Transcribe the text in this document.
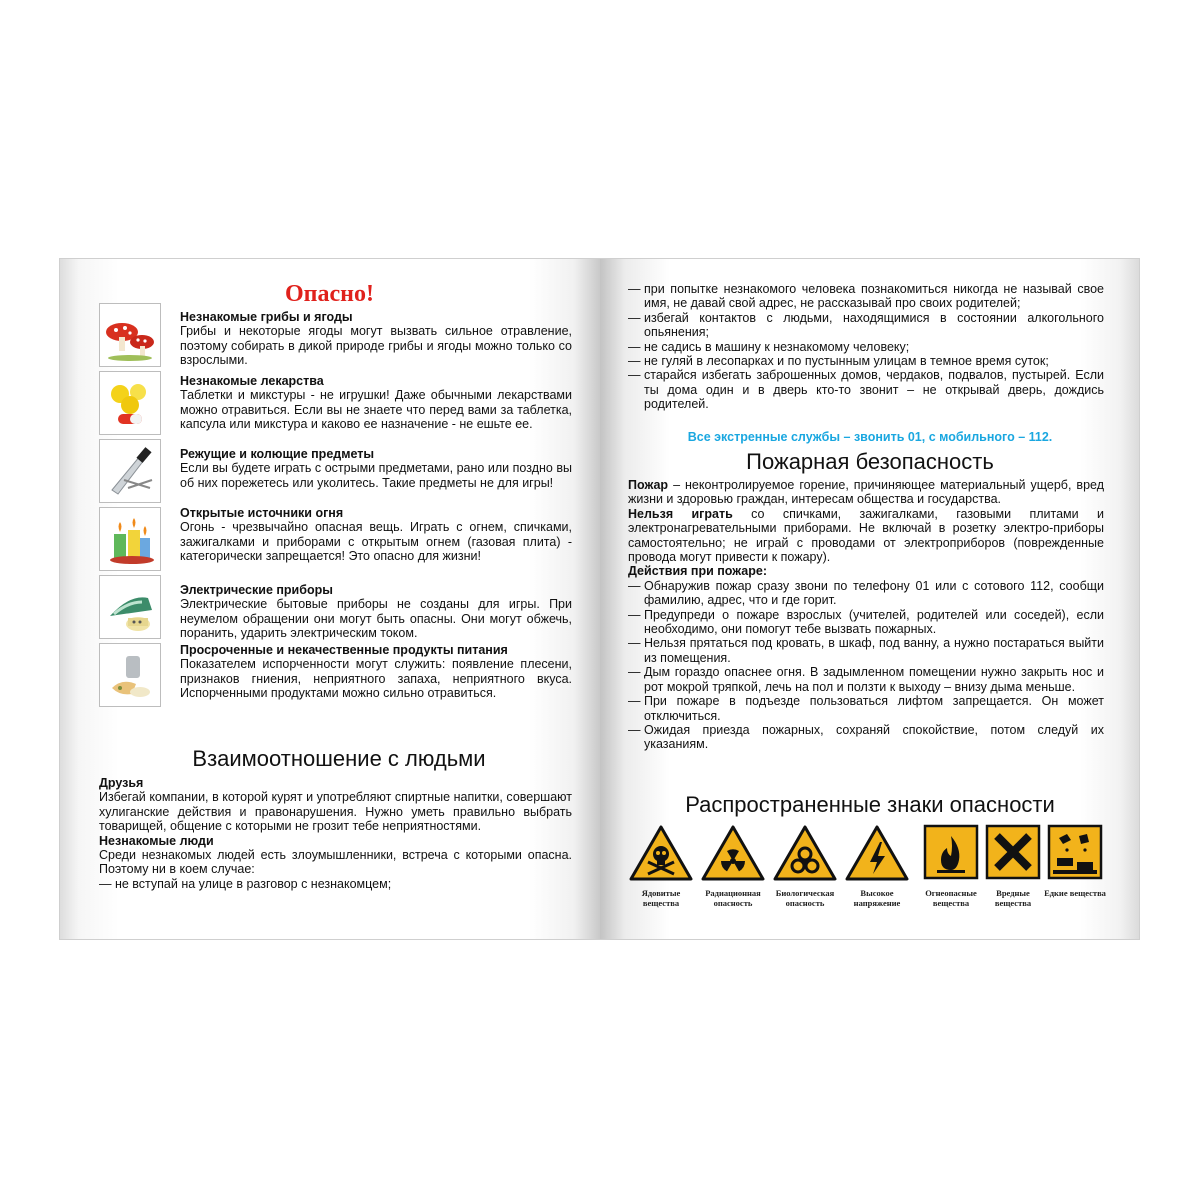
Опасно!
Незнакомые грибы и ягоды
Грибы и некоторые ягоды могут вызвать сильное отравление, поэтому собирать в дикой природе грибы и ягоды можно только со взрослыми.
Незнакомые лекарства
Таблетки и микстуры - не игрушки! Даже обычными лекарствами можно отравиться. Если вы не знаете что перед вами за таблетка, капсула или микстура и каково ее назначение - не ешьте ее.
Режущие и колющие предметы
Если вы будете играть с острыми предметами, рано или поздно вы об них порежетесь или уколитесь. Такие предметы не для игры!
Открытые источники огня
Огонь - чрезвычайно опасная вещь. Играть с огнем, спичками, зажигалками и приборами с открытым огнем (газовая плита) - категорически запрещается! Это опасно для жизни!
Электрические приборы
Электрические бытовые приборы не созданы для игры. При неумелом обращении они могут быть опасны. Они могут обжечь, поранить, ударить электрическим током.
Просроченные и некачественные продукты питания
Показателем испорченности могут служить: появление плесени, признаков гниения, неприятного запаха, неприятного вкуса. Испорченными продуктами можно сильно отравиться.
Взаимоотношение с людьми
Друзья
Избегай компании, в которой курят и употребляют спиртные напитки, совершают хулиганские действия и правонарушения. Нужно уметь правильно выбрать товарищей, общение с которыми не грозит тебе неприятностями.
Незнакомые люди
Среди незнакомых людей есть злоумышленники, встреча с которыми опасна. Поэтому ни в коем случае:
— не вступай на улице в разговор с незнакомцем;
— при попытке незнакомого человека познакомиться никогда не называй своe имя, не давай свой адрес, не рассказывай про своих родителей;
— избегай контактов с людьми, находящимися в состоянии алкогольного опьянения;
— не садись в машину к незнакомому человеку;
— не гуляй в лесопарках и по пустынным улицам в темное время суток;
— старайся избегать заброшенных домов, чердаков, подвалов, пустырей. Если ты дома один и в дверь кто-то звонит – не открывай дверь, дождись родителей.
Все экстренные службы – звонить 01, с мобильного – 112.
Пожарная безопасность
Пожар – неконтролируемое горение, причиняющее материальный ущерб, вред жизни и здоровью граждан, интересам общества и государства.
Нельзя играть со спичками, зажигалками, газовыми плитами и электронагревательными приборами. Не включай в розетку электро-приборы самостоятельно; не играй с проводами от электроприборов (поврежденные провода могут привести к пожару).
Действия при пожаре:
— Обнаружив пожар сразу звони по телефону 01 или с сотового 112, сообщи фамилию, адрес, что и где горит.
— Предупреди о пожаре взрослых (учителей, родителей или соседей), если необходимо, они помогут тебе вызвать пожарных.
— Нельзя прятаться под кровать, в шкаф, под ванну, а нужно постараться выйти из помещения.
— Дым гораздо опаснее огня. В задымленном помещении нужно закрыть нос и рот мокрой тряпкой, лечь на пол и ползти к выходу – внизу дыма меньше.
— При пожаре в подъезде пользоваться лифтом запрещается. Он может отключиться.
— Ожидая приезда пожарных, сохраняй спокойствие, потом следуй их указаниям.
Распространенные знаки опасности
Ядовитые вещества
Радиационная опасность
Биологическая опасность
Высокое напряжение
Огнеопасные вещества
Вредные вещества
Едкие вещества
